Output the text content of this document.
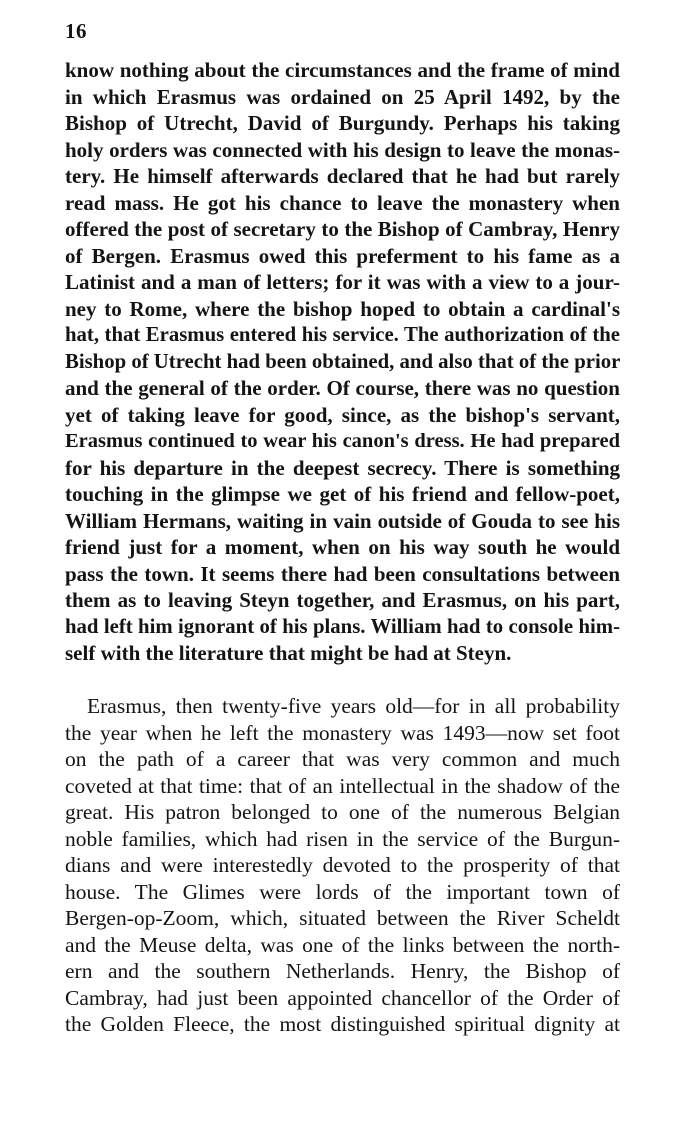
16
know nothing about the circumstances and the frame of mind
in which Erasmus was ordained on 25 April 1492, by the
Bishop of Utrecht, David of Burgundy. Perhaps his taking
holy orders was connected with his design to leave the monas-
tery. He himself afterwards declared that he had but rarely
read mass. He got his chance to leave the monastery when
offered the post of secretary to the Bishop of Cambray, Henry
of Bergen. Erasmus owed this preferment to his fame as a
Latinist and a man of letters; for it was with a view to a jour-
ney to Rome, where the bishop hoped to obtain a cardinal's
hat, that Erasmus entered his service. The authorization of the
Bishop of Utrecht had been obtained, and also that of the prior
and the general of the order. Of course, there was no question
yet of taking leave for good, since, as the bishop's servant,
Erasmus continued to wear his canon's dress. He had prepared
for his departure in the deepest secrecy. There is something
touching in the glimpse we get of his friend and fellow-poet,
William Hermans, waiting in vain outside of Gouda to see his
friend just for a moment, when on his way south he would
pass the town. It seems there had been consultations between
them as to leaving Steyn together, and Erasmus, on his part,
had left him ignorant of his plans. William had to console him-
self with the literature that might be had at Steyn.
Erasmus, then twenty-five years old—for in all probability
the year when he left the monastery was 1493—now set foot
on the path of a career that was very common and much
coveted at that time: that of an intellectual in the shadow of the
great. His patron belonged to one of the numerous Belgian
noble families, which had risen in the service of the Burgun-
dians and were interestedly devoted to the prosperity of that
house. The Glimes were lords of the important town of
Bergen-op-Zoom, which, situated between the River Scheldt
and the Meuse delta, was one of the links between the north-
ern and the southern Netherlands. Henry, the Bishop of
Cambray, had just been appointed chancellor of the Order of
the Golden Fleece, the most distinguished spiritual dignity at
